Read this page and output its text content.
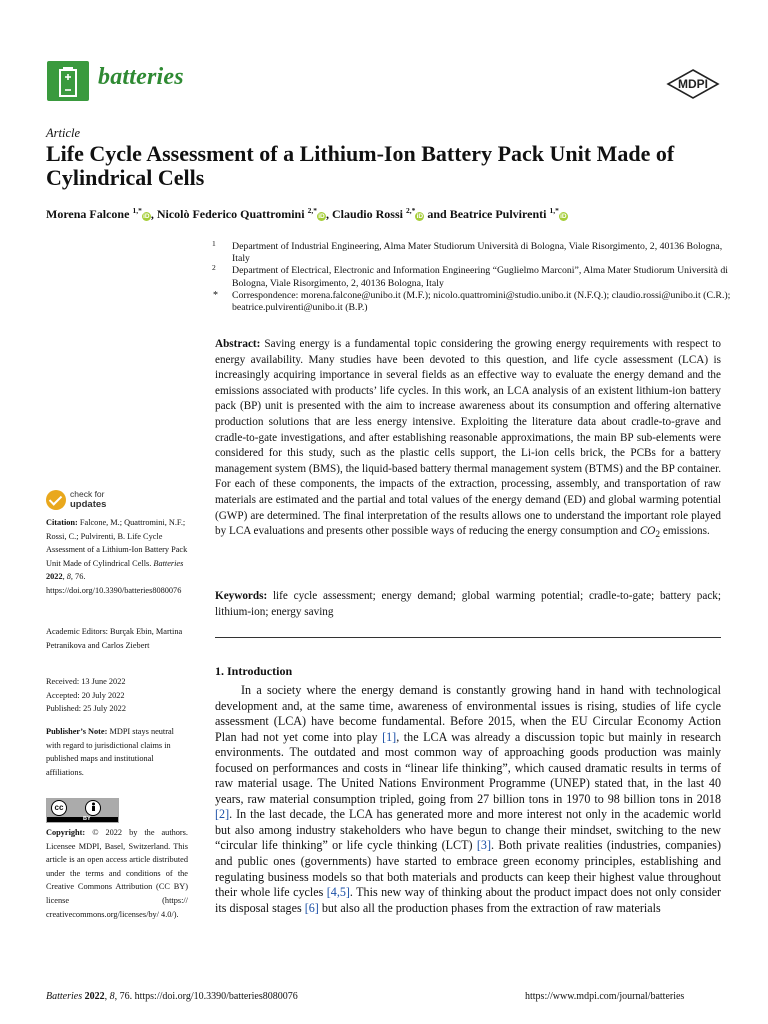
batteries	MDPI
Article
Life Cycle Assessment of a Lithium-Ion Battery Pack Unit Made of Cylindrical Cells
Morena Falcone $^{1,*}$iD, Nicolò Federico Quattromini $^{2,*}$iD, Claudio Rossi $^{2,*}$iD and Beatrice Pulvirenti $^{1,*}$iD
1 Department of Industrial Engineering, Alma Mater Studiorum Università di Bologna, Viale Risorgimento, 2, 40136 Bologna, Italy
2 Department of Electrical, Electronic and Information Engineering “Guglielmo Marconi”, Alma Mater Studiorum Università di Bologna, Viale Risorgimento, 2, 40136 Bologna, Italy
* Correspondence: morena.falcone@unibo.it (M.F.); nicolo.quattromini@studio.unibo.it (N.F.Q.); claudio.rossi@unibo.it (C.R.); beatrice.pulvirenti@unibo.it (B.P.)

Abstract: Saving energy is a fundamental topic considering the growing energy requirements with respect to energy availability. Many studies have been devoted to this question, and life cycle assessment (LCA) is increasingly acquiring importance in several fields as an effective way to evaluate the energy demand and the emissions associated with products’ life cycles. In this work, an LCA analysis of an existent lithium-ion battery pack (BP) unit is presented with the aim to increase awareness about its consumption and offering alternative production solutions that are less energy intensive. Exploiting the literature data about cradle-to-grave and cradle-to-gate investigations, and after establishing reasonable approximations, the main BP sub-elements were considered for this study, such as the plastic cells support, the Li-ion cells brick, the PCBs for a battery management system (BMS), the liquid-based battery thermal management system (BTMS) and the BP container. For each of these components, the impacts of the extraction, processing, assembly, and transportation of raw materials are estimated and the partial and total values of the energy demand (ED) and global warming potential (GWP) are determined. The final interpretation of the results allows one to understand the important role played by LCA evaluations and presents other possible ways of reducing the energy consumption and $CO_2$ emissions.

Keywords: life cycle assessment; energy demand; global warming potential; cradle-to-gate; battery pack; lithium-ion; energy saving

check for
updates

Citation: Falcone, M.; Quattromini, N.F.; Rossi, C.; Pulvirenti, B. Life Cycle Assessment of a Lithium-Ion Battery Pack Unit Made of Cylindrical Cells. Batteries 2022, 8, 76. https://doi.org/10.3390/batteries8080076

Academic Editors: Burçak Ebin, Martina Petranikova and Carlos Ziebert

Received: 13 June 2022

Accepted: 20 July 2022

Published: 25 July 2022

Publisher’s Note: MDPI stays neutral with regard to jurisdictional claims in published maps and institutional affiliations.

cc
BY

Copyright: © 2022 by the authors. Licensee MDPI, Basel, Switzerland. This article is an open access article distributed under the terms and conditions of the Creative Commons Attribution (CC BY) license (https:// creativecommons.org/licenses/by/ 4.0/).

1. Introduction

In a society where the energy demand is constantly growing hand in hand with technological development and, at the same time, awareness of environmental issues is rising, studies of life cycle assessment (LCA) have become fundamental. Before 2015, when the EU Circular Economy Action Plan had not yet come into play [1], the LCA was already a discussion topic but mainly in research environments. The outdated and most common way of approaching goods production was mainly focused on performances and costs in “linear life thinking”, which caused dramatic results in terms of raw material usage. The United Nations Environment Programme (UNEP) stated that, in the last 40 years, raw material consumption tripled, going from 27 billion tons in 1970 to 98 billion tons in 2018 [2]. In the last decade, the LCA has generated more and more interest not only in the academic world but also among industry stakeholders who have begun to change their mindset, switching to the new “circular life thinking” or life cycle thinking (LCT) [3]. Both private realities (industries, companies) and public ones (governments) have started to embrace green economy principles, establishing and regulating business models so that both materials and products can keep their highest value throughout their whole life cycles [4,5]. This new way of thinking about the product impact does not only consider its disposal stages [6] but also all the production phases from the extraction of raw materials

Batteries 2022, 8, 76. https://doi.org/10.3390/batteries8080076	https://www.mdpi.com/journal/batteries
